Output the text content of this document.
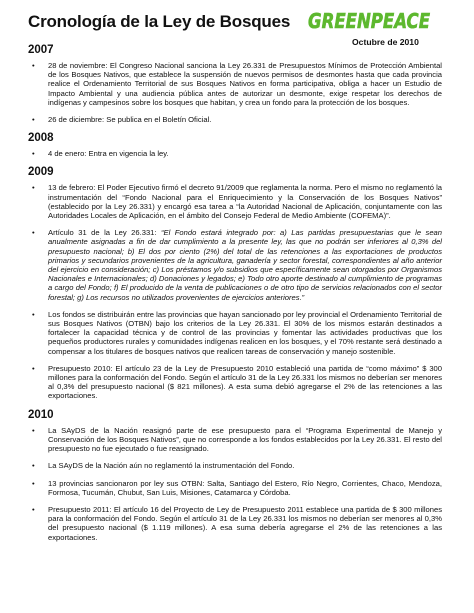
Cronología de la Ley de Bosques GREENPEACE
Octubre de 2010
2007
• 28 de noviembre: El Congreso Nacional sanciona la Ley 26.331 de Presupuestos Mínimos de Protección Ambiental de los Bosques Nativos, que establece la suspensión de nuevos permisos de desmontes hasta que cada provincia realice el Ordenamiento Territorial de sus Bosques Nativos en forma participativa, obliga a hacer un Estudio de Impacto Ambiental y una audiencia pública antes de autorizar un desmonte, exige respetar los derechos de indígenas y campesinos sobre los bosques que habitan, y crea un fondo para la protección de los bosques.
• 26 de diciembre: Se publica en el Boletín Oficial.
2008
• 4 de enero: Entra en vigencia la ley.
2009
• 13 de febrero: El Poder Ejecutivo firmó el decreto 91/2009 que reglamenta la norma. Pero el mismo no reglamentó la instrumentación del “Fondo Nacional para el Enriquecimiento y la Conservación de los Bosques Nativos” (establecido por la Ley 26.331) y encargó esa tarea a “la Autoridad Nacional de Aplicación, conjuntamente con las Autoridades Locales de Aplicación, en el ámbito del Consejo Federal de Medio Ambiente (COFEMA)”.
• Artículo 31 de la Ley 26.331: “El Fondo estará integrado por: a) Las partidas presupuestarias que le sean anualmente asignadas a fin de dar cumplimiento a la presente ley, las que no podrán ser inferiores al 0,3% del presupuesto nacional; b) El dos por ciento (2%) del total de las retenciones a las exportaciones de productos primarios y secundarios provenientes de la agricultura, ganadería y sector forestal, correspondientes al año anterior del ejercicio en consideración; c) Los préstamos y/o subsidios que específicamente sean otorgados por Organismos Nacionales e Internacionales; d) Donaciones y legados; e) Todo otro aporte destinado al cumplimiento de programas a cargo del Fondo; f) El producido de la venta de publicaciones o de otro tipo de servicios relacionados con el sector forestal; g) Los recursos no utilizados provenientes de ejercicios anteriores.”
• Los fondos se distribuirán entre las provincias que hayan sancionado por ley provincial el Ordenamiento Territorial de sus Bosques Nativos (OTBN) bajo los criterios de la Ley 26.331. El 30% de los mismos estarán destinados a fortalecer la capacidad técnica y de control de las provincias y fomentar las actividades productivas que los pequeños productores rurales y comunidades indígenas realicen en los bosques, y el 70% restante será destinado a compensar a los titulares de bosques nativos que realicen tareas de conservación y manejo sostenible.
• Presupuesto 2010: El artículo 23 de la Ley de Presupuesto 2010 estableció una partida de “como máximo” $ 300 millones para la conformación del Fondo. Según el artículo 31 de la Ley 26.331 los mismos no deberían ser menores al 0,3% del presupuesto nacional ($ 821 millones). A esta suma debió agregarse el 2% de las retenciones a las exportaciones.
2010
• La SAyDS de la Nación reasignó parte de ese presupuesto para el “Programa Experimental de Manejo y Conservación de los Bosques Nativos”, que no corresponde a los fondos establecidos por la Ley 26.331. El resto del presupuesto no fue ejecutado o fue reasignado.
• La SAyDS de la Nación aún no reglamentó la instrumentación del Fondo.
• 13 provincias sancionaron por ley sus OTBN: Salta, Santiago del Estero, Río Negro, Corrientes, Chaco, Mendoza, Formosa, Tucumán, Chubut, San Luis, Misiones, Catamarca y Córdoba.
• Presupuesto 2011: El artículo 16 del Proyecto de Ley de Presupuesto 2011 establece una partida de $ 300 millones para la conformación del Fondo. Según el artículo 31 de la Ley 26.331 los mismos no deberían ser menores al 0,3% del presupuesto nacional ($ 1.119 millones). A esa suma debería agregarse el 2% de las retenciones a las exportaciones.
